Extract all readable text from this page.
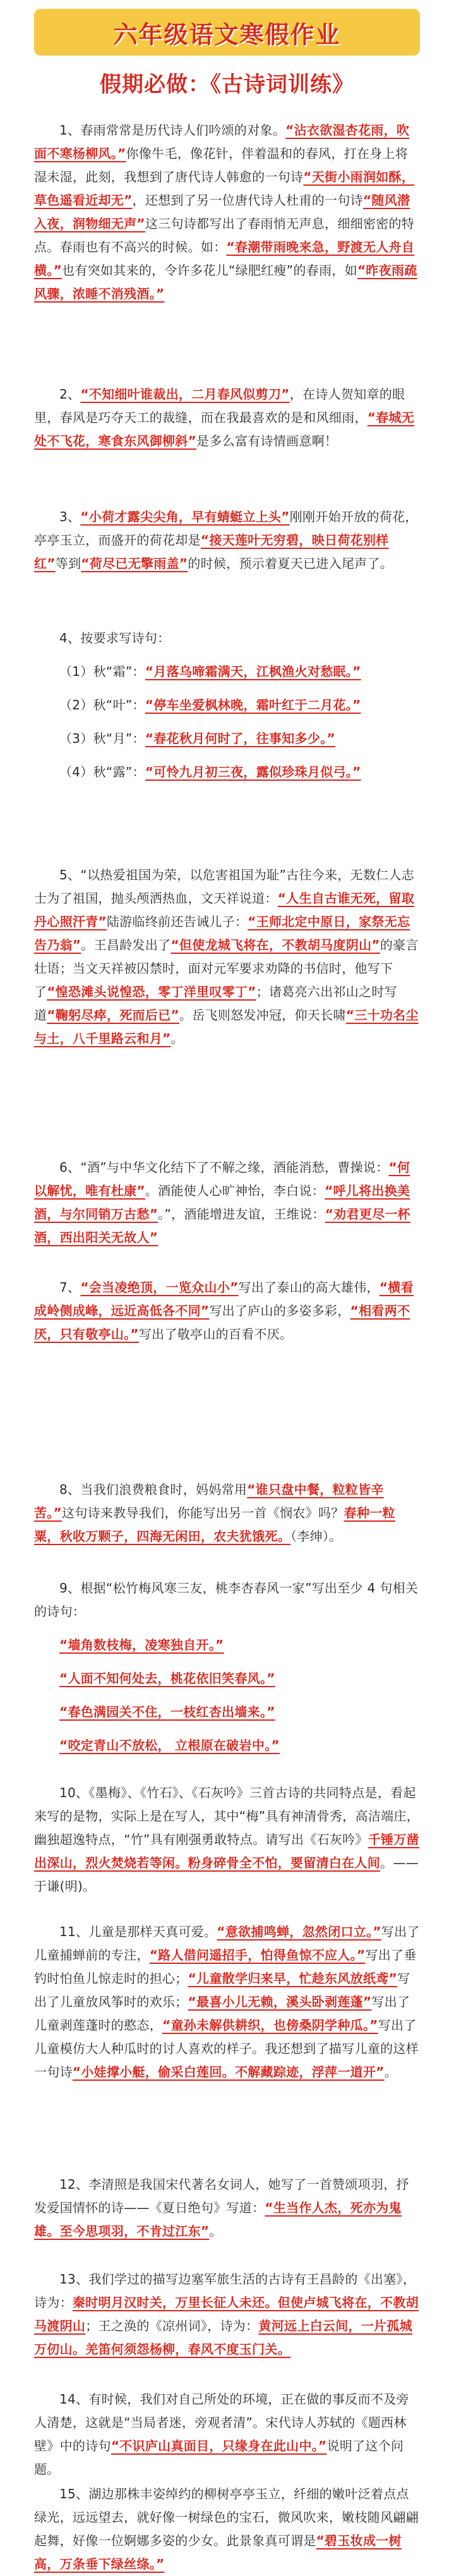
六年级语文寒假作业
假期必做：《古诗词训练》
1、春雨常常是历代诗人们吟颂的对象。“沾衣欲湿杏花雨，吹面不寒杨柳风。”你像牛毛，像花针，伴着温和的春风，打在身上将湿未湿，此刻，我想到了唐代诗人韩愈的一句诗“天街小雨润如酥，草色遥看近却无”，还想到了另一位唐代诗人杜甫的一句诗“随风潜入夜，润物细无声”这三句诗都写出了春雨悄无声息，细细密密的特点。春雨也有不高兴的时候。如：“春潮带雨晚来急，野渡无人舟自横。”也有突如其来的，令许多花儿“绿肥红瘦”的春雨，如“昨夜雨疏风骤，浓睡不消残酒。”
2、“不知细叶谁裁出，二月春风似剪刀”，在诗人贺知章的眼里，春风是巧夺天工的裁缝，而在我最喜欢的是和风细雨，“春城无处不飞花，寒食东风御柳斜”是多么富有诗情画意啊！
3、“小荷才露尖尖角，早有蜻蜓立上头”刚刚开始开放的荷花，亭亭玉立，而盛开的荷花却是“接天莲叶无穷碧，映日荷花别样红”等到“荷尽已无擎雨盖”的时候，预示着夏天已进入尾声了。
4、按要求写诗句：
（1）秋“霜”：“月落乌啼霜满天，江枫渔火对愁眠。”
（2）秋“叶”：“停车坐爱枫林晚，霜叶红于二月花。”
（3）秋“月”：“春花秋月何时了，往事知多少。”
（4）秋“露”：“可怜九月初三夜，露似珍珠月似弓。”
5、“以热爱祖国为荣，以危害祖国为耻”古往今来，无数仁人志士为了祖国，抛头颅洒热血，文天祥说道：“人生自古谁无死，留取丹心照汗青”陆游临终前还告诫儿子：“王师北定中原日，家祭无忘告乃翁”。王昌龄发出了“但使龙城飞将在，不教胡马度阴山”的豪言壮语；当文天祥被囚禁时，面对元军要求劝降的书信时，他写下了“惶恐滩头说惶恐，零丁洋里叹零丁”；诸葛亮六出祁山之时写道“鞠躬尽瘁，死而后已”。岳飞则怒发冲冠，仰天长啸“三十功名尘与土，八千里路云和月”。
6、“酒”与中华文化结下了不解之缘，酒能消愁，曹操说：“何以解忧，唯有杜康”。酒能使人心旷神怡，李白说：“呼儿将出换美酒，与尔同销万古愁”。”，酒能增进友谊，王维说：“劝君更尽一杯酒，西出阳关无故人”
7、“会当凌绝顶，一览众山小”写出了泰山的高大雄伟，“横看成岭侧成峰，远近高低各不同”写出了庐山的多姿多彩，“相看两不厌，只有敬亭山。”写出了敬亭山的百看不厌。
8、当我们浪费粮食时，妈妈常用“谁只盘中餐，粒粒皆辛苦。”这句诗来教导我们，你能写出另一首《悯农》吗？春种一粒粟，秋收万颗子，四海无闲田，农夫犹饿死。（李绅）。
9、根据“松竹梅风寒三友，桃李杏春风一家”写出至少 4 句相关的诗句：
“墙角数枝梅，凌寒独自开。”
“人面不知何处去，桃花依旧笑春风。”
“春色满园关不住，一枝红杏出墙来。”
“咬定青山不放松， 立根原在破岩中。”
10、《墨梅》、《竹石》、《石灰吟》三首古诗的共同特点是，看起来写的是物，实际上是在写人，其中“梅”具有神清骨秀，高洁端庄，幽独超逸特点，“竹”具有刚强勇敢特点。请写出《石灰吟》千锤万凿出深山，烈火焚烧若等闲。粉身碎骨全不怕，要留清白在人间。——于谦(明)。
11、儿童是那样天真可爱。“意欲捕鸣蝉，忽然闭口立。”写出了儿童捕蝉前的专注，“路人借问遥招手，怕得鱼惊不应人。”写出了垂钓时怕鱼儿惊走时的担心；“儿童散学归来早，忙趁东风放纸鸢”写出了儿童放风筝时的欢乐；“最喜小儿无赖，溪头卧剥莲蓬”写出了儿童剥莲蓬时的憨态，“童孙未解供耕织，也傍桑阴学种瓜。”写出了儿童模仿大人种瓜时的讨人喜欢的样子。我还想到了描写儿童的这样一句诗“小娃撑小艇，偷采白莲回。不解藏踪迹，浮萍一道开”。
12、李清照是我国宋代著名女词人，她写了一首赞颂项羽，抒发爱国情怀的诗——《夏日绝句》写道：“生当作人杰，死亦为鬼雄。至今思项羽，不肯过江东”。
13、我们学过的描写边塞军旅生活的古诗有王昌龄的《出塞》，诗为：秦时明月汉时关，万里长征人未还。但使卢城飞将在，不教胡马渡阴山；王之涣的《凉州词》，诗为：黄河远上白云间，一片孤城万仞山。羌笛何须怨杨柳，春风不度玉门关。
14、有时候，我们对自己所处的环境，正在做的事反而不及旁人清楚，这就是“当局者迷，旁观者清”。宋代诗人苏轼的《题西林壁》中的诗句“不识庐山真面目，只缘身在此山中。”说明了这个问题。
15、湖边那株丰姿绰约的柳树亭亭玉立，纤细的嫩叶泛着点点绿光，远远望去，就好像一树绿色的宝石，微风吹来，嫩枝随风翩翩起舞，好像一位婀娜多姿的少女。此景象真可谓是“碧玉妆成一树高，万条垂下绿丝绦。”
